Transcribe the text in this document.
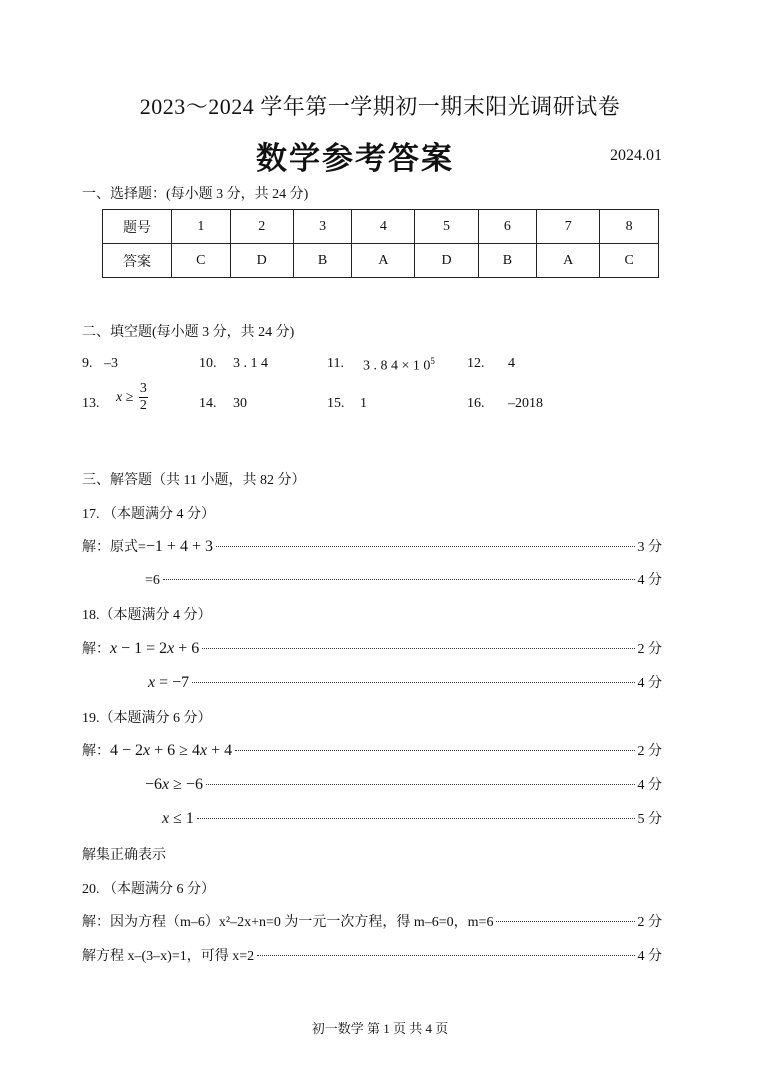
2023～2024 学年第一学期初一期末阳光调研试卷
数学参考答案	2024.01
一、选择题：(每小题 3 分，共 24 分)
题号	1	2	3	4	5	6	7	8
答案	C	D	B	A	D	B	A	C
二、填空题(每小题 3 分，共 24 分)
9. –3	10. 3 . 1 4	11. 3 . 8 4 × 1 $0^5$ 12. 4
13. $x \ge \frac{3}{2}$	14. 30	15. 1	16. –2018
三、解答题（共 11 小题，共 82 分）
17. （本题满分 4 分）
解：原式= −1 + 4 + 3	3 分
=6	4 分
18.（本题满分 4 分）
解： x − 1 = 2x + 6	2 分
x = −7	4 分
19.（本题满分 6 分）
解： 4 − 2x + 6 ≥ 4x + 4	2 分
−6x ≥ −6	4 分
x ≤ 1	5 分
解集正确表示
20. （本题满分 6 分）
解：因为方程（m–6）x²–2x+n=0 为一元一次方程，得 m–6=0，m=6	2 分
解方程 x–(3–x)=1，可得 x=2	4 分
初一数学 第 1 页 共 4 页
